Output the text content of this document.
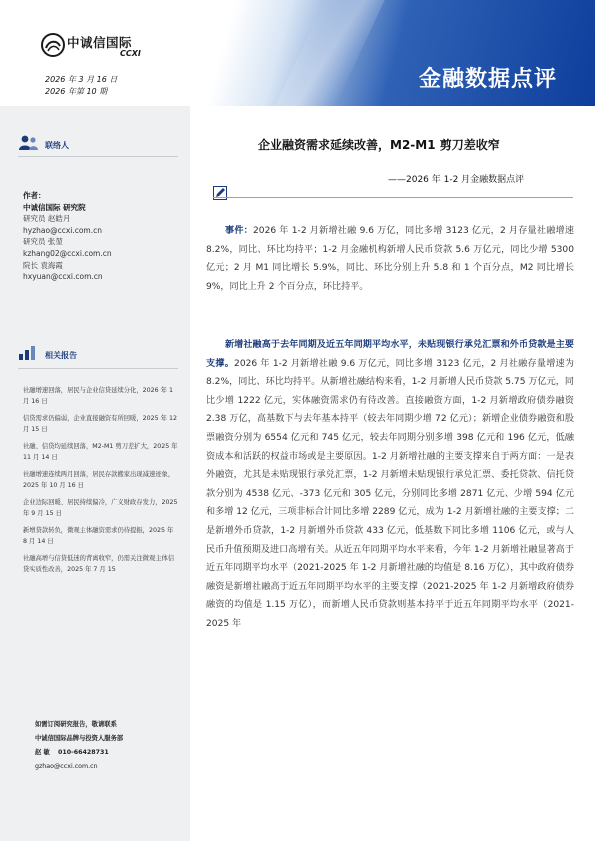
中诚信国际
CCXI
2026 年 3 月 16 日
2026 年第 10 期	金融数据点评
联络人
作者：
中诚信国际 研究院
研究员 赵皓月
hyzhao@ccxi.com.cn
研究员 张堃
kzhang02@ccxi.com.cn
院长 袁海霞
hxyuan@ccxi.com.cn
相关报告
社融增速回落，居民与企业信贷延续分化，2026 年 1 月 16 日
信贷需求仍偏弱，企业直接融资有所回暖，2025 年 12 月 15 日
社融、信贷均延续回落，M2-M1 剪刀差扩大，2025 年 11 月 14 日
社融增速连续两月回落，居民存款搬家出现减速迹象，2025 年 10 月 16 日
企业边际回暖、居民持续偏冷，广义财政存发力，2025 年 9 月 15 日
新增贷款转负，微观主体融资需求仍待提振，2025 年 8 月 14 日
社融高增与信贷低迷的背离收窄，仍需关注微观主体信贷实质性改善，2025 年 7 月 15
如需订阅研究报告，敬请联系
中诚信国际品牌与投资人服务部
赵 敏 010-66428731
gzhao@ccxi.com.cn
企业融资需求延续改善，M2-M1 剪刀差收窄
——2026 年 1-2 月金融数据点评
事件：2026 年 1-2 月新增社融 9.6 万亿，同比多增 3123 亿元，2 月存量社融增速 8.2%，同比、环比均持平；1-2 月金融机构新增人民币贷款 5.6 万亿元，同比少增 5300 亿元；2 月 M1 同比增长 5.9%，同比、环比分别上升 5.8 和 1 个百分点，M2 同比增长 9%，同比上升 2 个百分点，环比持平。
新增社融高于去年同期及近五年同期平均水平，未贴现银行承兑汇票和外币贷款是主要支撑。2026 年 1-2 月新增社融 9.6 万亿元，同比多增 3123 亿元，2 月社融存量增速为 8.2%，同比、环比均持平。从新增社融结构来看，1-2 月新增人民币贷款 5.75 万亿元，同比少增 1222 亿元，实体融资需求仍有待改善。直接融资方面，1-2 月新增政府债券融资 2.38 万亿，高基数下与去年基本持平（较去年同期少增 72 亿元）；新增企业债券融资和股票融资分别为 6554 亿元和 745 亿元，较去年同期分别多增 398 亿元和 196 亿元，低融资成本和活跃的权益市场或是主要原因。1-2 月新增社融的主要支撑来自于两方面：一是表外融资，尤其是未贴现银行承兑汇票，1-2 月新增未贴现银行承兑汇票、委托贷款、信托贷款分别为 4538 亿元、-373 亿元和 305 亿元，分别同比多增 2871 亿元、少增 594 亿元和多增 12 亿元，三项非标合计同比多增 2289 亿元，成为 1-2 月新增社融的主要支撑；二是新增外币贷款，1-2 月新增外币贷款 433 亿元，低基数下同比多增 1106 亿元，或与人民币升值预期及进口高增有关。从近五年同期平均水平来看，今年 1-2 月新增社融显著高于近五年同期平均水平（2021-2025 年 1-2 月新增社融的均值是 8.16 万亿），其中政府债券融资是新增社融高于近五年同期平均水平的主要支撑（2021-2025 年 1-2 月新增政府债券融资的均值是 1.15 万亿），而新增人民币贷款则基本持平于近五年同期平均水平（2021-2025 年
